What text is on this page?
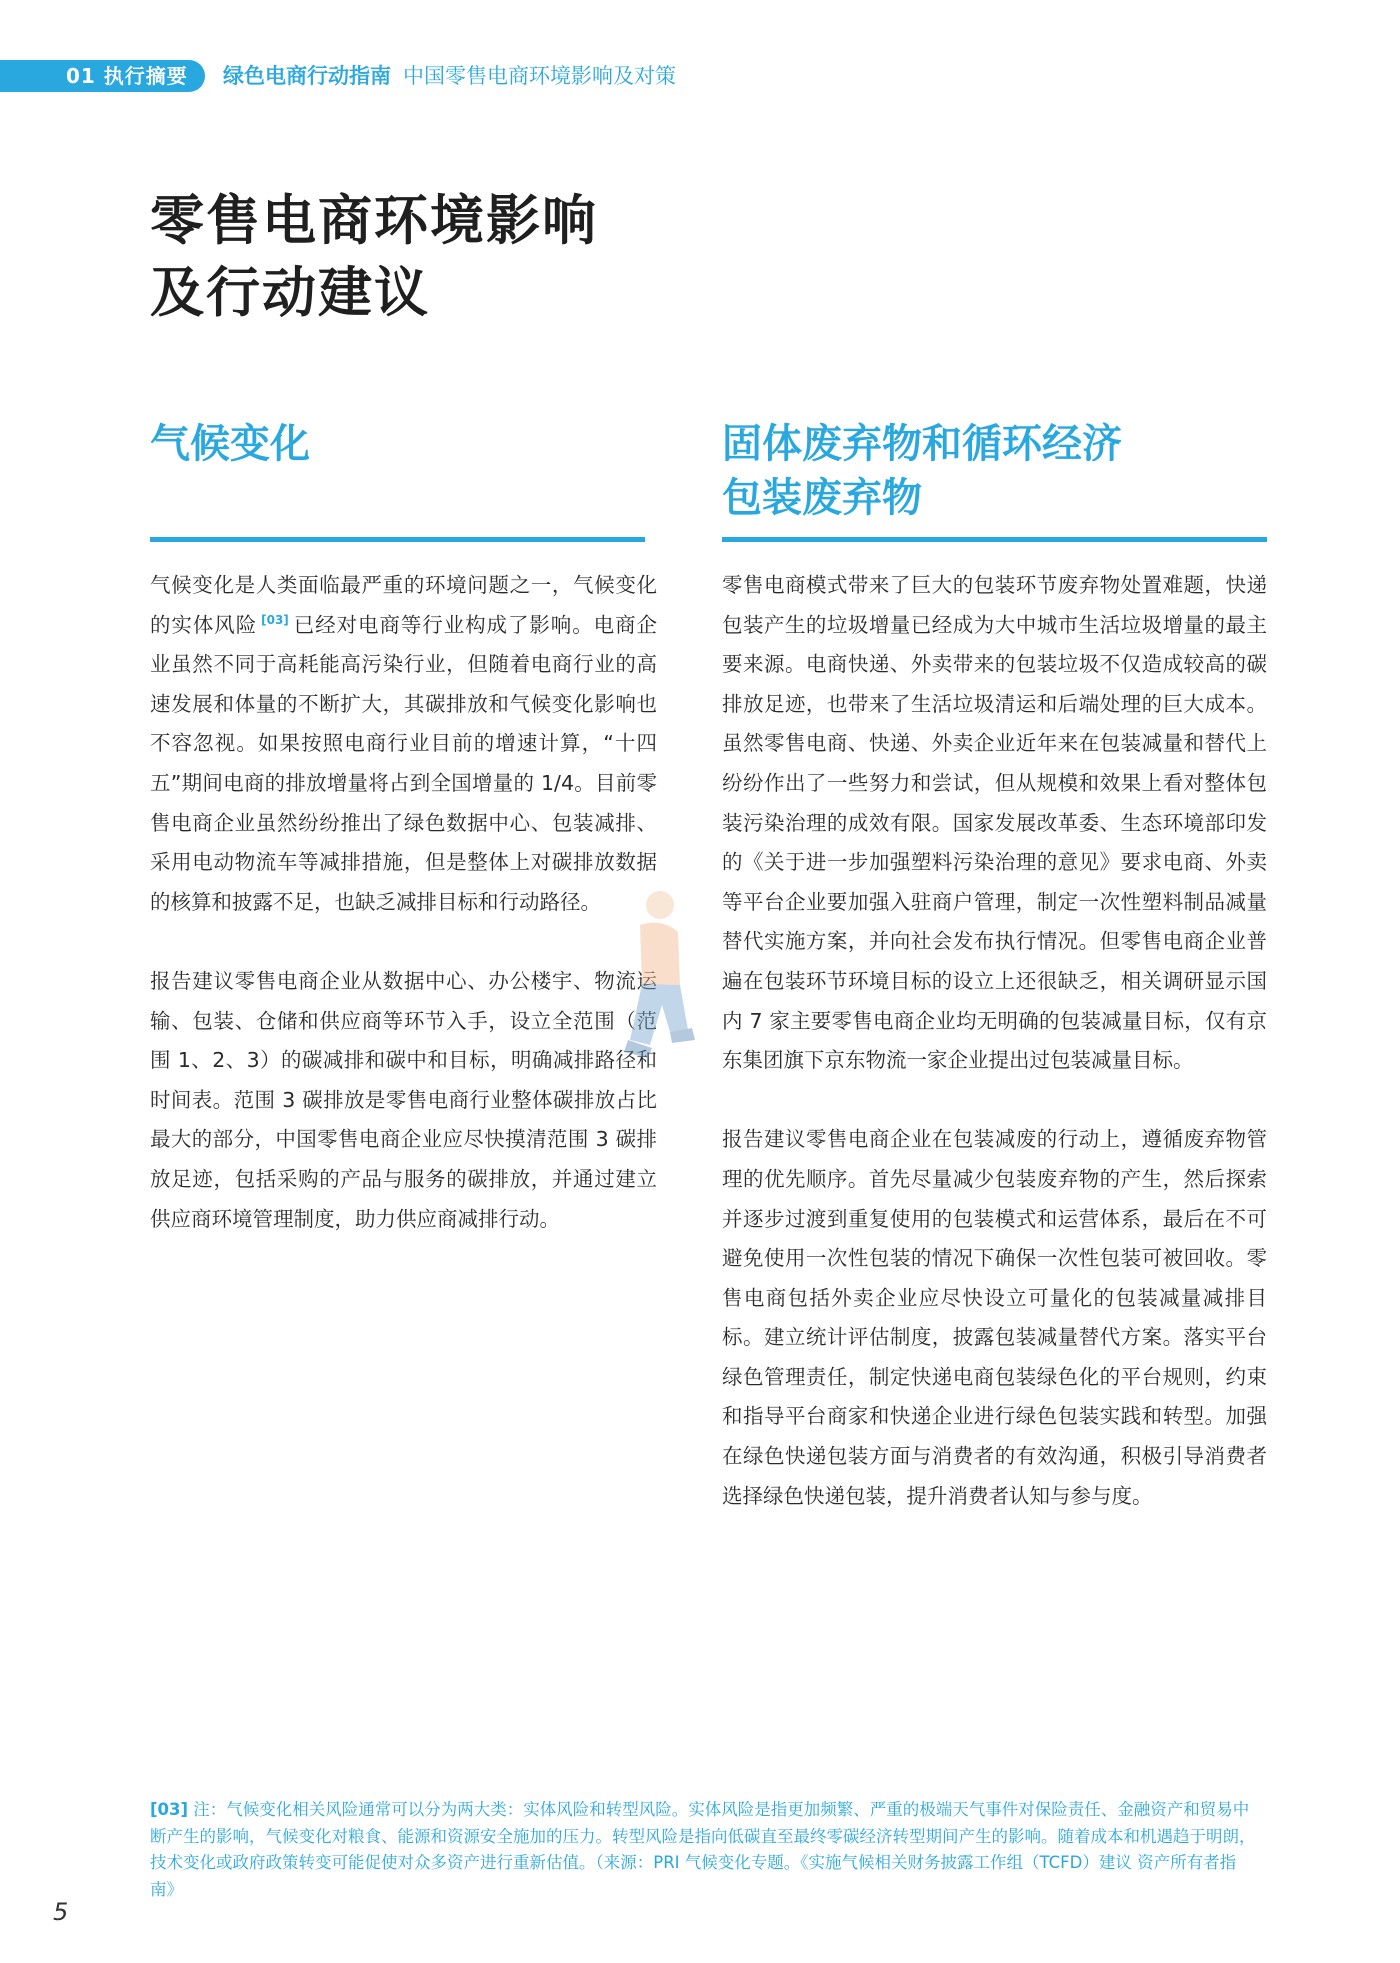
01 执行摘要	绿色电商行动指南 中国零售电商环境影响及对策
零售电商环境影响
及行动建议
气候变化

气候变化是人类面临最严重的环境问题之一，气候变化的实体风险 [03] 已经对电商等行业构成了影响。电商企业虽然不同于高耗能高污染行业，但随着电商行业的高速发展和体量的不断扩大，其碳排放和气候变化影响也不容忽视。如果按照电商行业目前的增速计算，“十四五”期间电商的排放增量将占到全国增量的 1/4。目前零售电商企业虽然纷纷推出了绿色数据中心、包装减排、采用电动物流车等减排措施，但是整体上对碳排放数据的核算和披露不足，也缺乏减排目标和行动路径。

报告建议零售电商企业从数据中心、办公楼宇、物流运输、包装、仓储和供应商等环节入手，设立全范围（范围 1、2、3）的碳减排和碳中和目标，明确减排路径和时间表。范围 3 碳排放是零售电商行业整体碳排放占比最大的部分，中国零售电商企业应尽快摸清范围 3 碳排放足迹，包括采购的产品与服务的碳排放，并通过建立供应商环境管理制度，助力供应商减排行动。

固体废弃物和循环经济
包装废弃物

零售电商模式带来了巨大的包装环节废弃物处置难题，快递包装产生的垃圾增量已经成为大中城市生活垃圾增量的最主要来源。电商快递、外卖带来的包装垃圾不仅造成较高的碳排放足迹，也带来了生活垃圾清运和后端处理的巨大成本。虽然零售电商、快递、外卖企业近年来在包装减量和替代上纷纷作出了一些努力和尝试，但从规模和效果上看对整体包装污染治理的成效有限。国家发展改革委、生态环境部印发的《关于进一步加强塑料污染治理的意见》要求电商、外卖等平台企业要加强入驻商户管理，制定一次性塑料制品减量替代实施方案，并向社会发布执行情况。但零售电商企业普遍在包装环节环境目标的设立上还很缺乏，相关调研显示国内 7 家主要零售电商企业均无明确的包装减量目标，仅有京东集团旗下京东物流一家企业提出过包装减量目标。

报告建议零售电商企业在包装减废的行动上，遵循废弃物管理的优先顺序。首先尽量减少包装废弃物的产生，然后探索并逐步过渡到重复使用的包装模式和运营体系，最后在不可避免使用一次性包装的情况下确保一次性包装可被回收。零售电商包括外卖企业应尽快设立可量化的包装减量减排目标。建立统计评估制度，披露包装减量替代方案。落实平台绿色管理责任，制定快递电商包装绿色化的平台规则，约束和指导平台商家和快递企业进行绿色包装实践和转型。加强在绿色快递包装方面与消费者的有效沟通，积极引导消费者选择绿色快递包装，提升消费者认知与参与度。

[03] 注：气候变化相关风险通常可以分为两大类：实体风险和转型风险。实体风险是指更加频繁、严重的极端天气事件对保险责任、金融资产和贸易中断产生的影响，气候变化对粮食、能源和资源安全施加的压力。转型风险是指向低碳直至最终零碳经济转型期间产生的影响。随着成本和机遇趋于明朗，技术变化或政府政策转变可能促使对众多资产进行重新估值。（来源：PRI 气候变化专题。《实施气候相关财务披露工作组（TCFD）建议 资产所有者指南》

5
